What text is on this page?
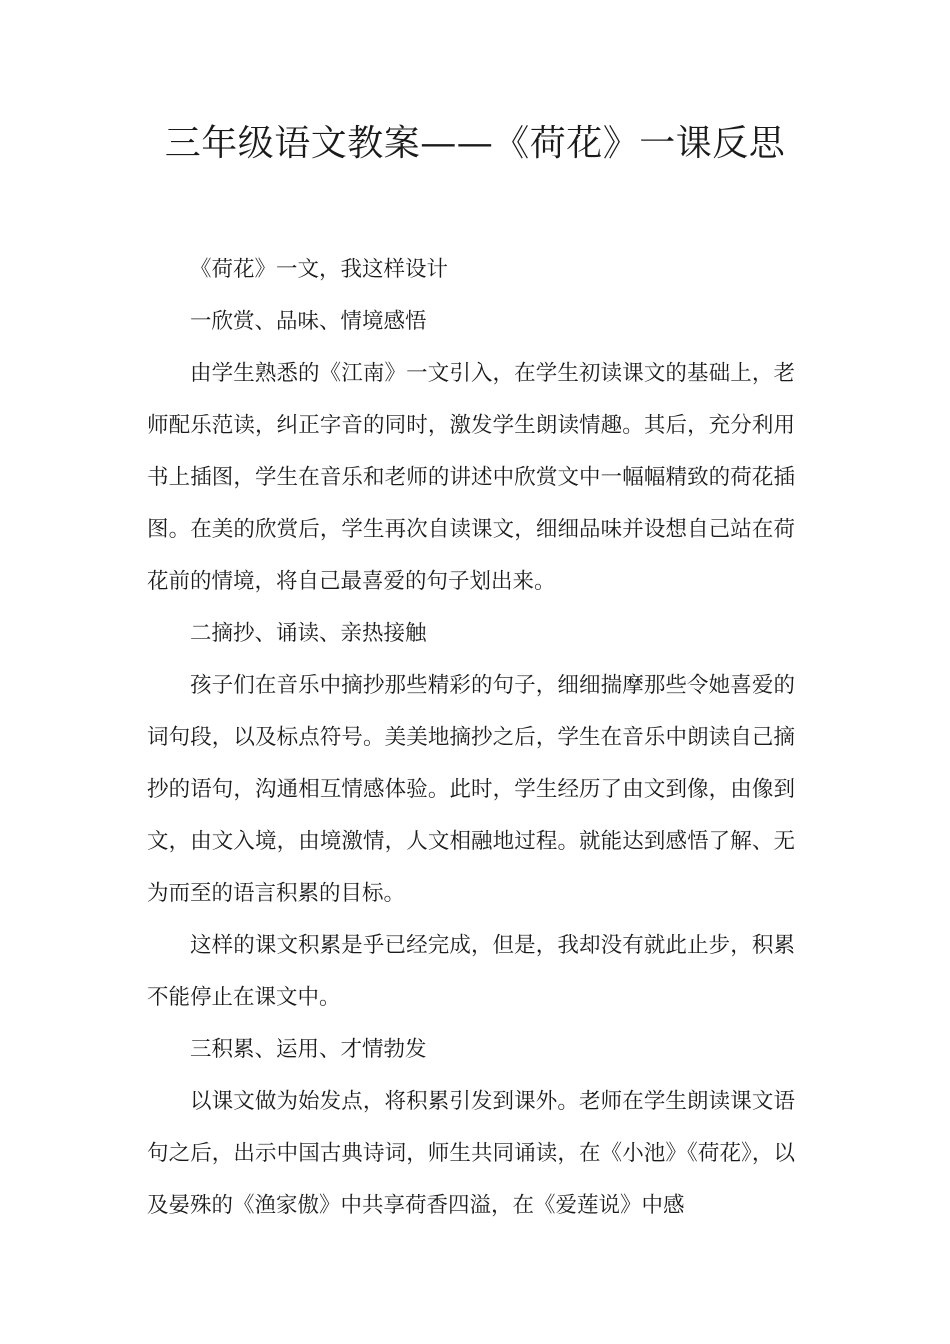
三年级语文教案——《荷花》一课反思

《荷花》一文，我这样设计

一欣赏、品味、情境感悟

由学生熟悉的《江南》一文引入，在学生初读课文的基础上，老师配乐范读，纠正字音的同时，激发学生朗读情趣。其后，充分利用书上插图，学生在音乐和老师的讲述中欣赏文中一幅幅精致的荷花插图。在美的欣赏后，学生再次自读课文，细细品味并设想自己站在荷花前的情境，将自己最喜爱的句子划出来。

二摘抄、诵读、亲热接触

孩子们在音乐中摘抄那些精彩的句子，细细揣摩那些令她喜爱的词句段，以及标点符号。美美地摘抄之后，学生在音乐中朗读自己摘抄的语句，沟通相互情感体验。此时，学生经历了由文到像，由像到文，由文入境，由境激情，人文相融地过程。就能达到感悟了解、无为而至的语言积累的目标。

这样的课文积累是乎已经完成，但是，我却没有就此止步，积累不能停止在课文中。

三积累、运用、才情勃发

以课文做为始发点，将积累引发到课外。老师在学生朗读课文语句之后，出示中国古典诗词，师生共同诵读，在《小池》《荷花》，以及晏殊的《渔家傲》中共享荷香四溢，在《爱莲说》中感
